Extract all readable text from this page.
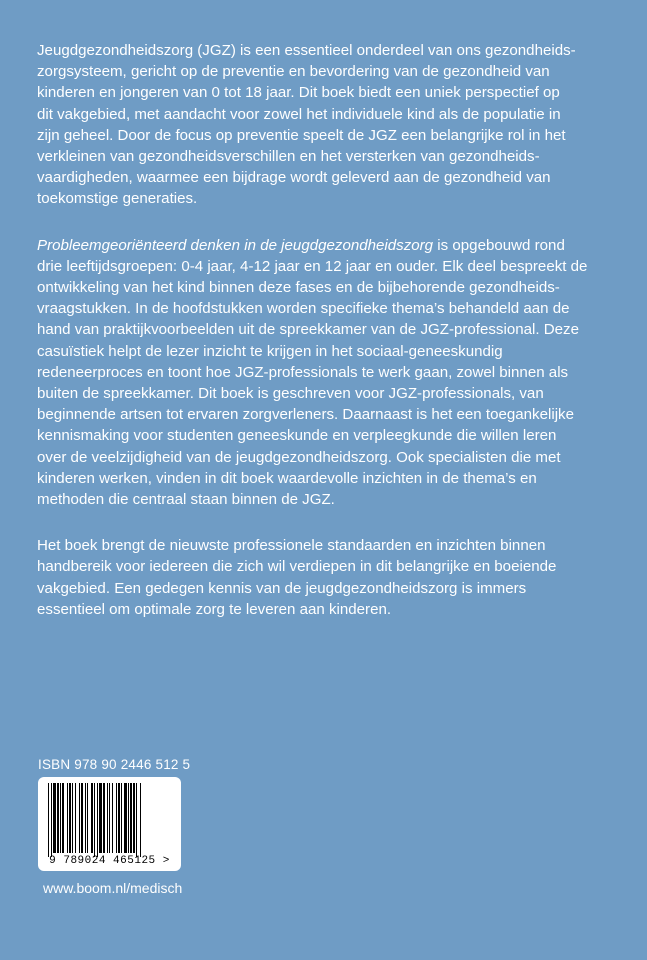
Jeugdgezondheidszorg (JGZ) is een essentieel onderdeel van ons gezondheids-
zorgsysteem, gericht op de preventie en bevordering van de gezondheid van
kinderen en jongeren van 0 tot 18 jaar. Dit boek biedt een uniek perspectief op
dit vakgebied, met aandacht voor zowel het individuele kind als de populatie in
zijn geheel. Door de focus op preventie speelt de JGZ een belangrijke rol in het
verkleinen van gezondheidsverschillen en het versterken van gezondheids-
vaardigheden, waarmee een bijdrage wordt geleverd aan de gezondheid van
toekomstige generaties.

Probleemgeoriënteerd denken in de jeugdgezondheidszorg is opgebouwd rond
drie leeftijdsgroepen: 0-4 jaar, 4-12 jaar en 12 jaar en ouder. Elk deel bespreekt de
ontwikkeling van het kind binnen deze fases en de bijbehorende gezondheids-
vraagstukken. In de hoofdstukken worden specifieke thema’s behandeld aan de
hand van praktijkvoorbeelden uit de spreekkamer van de JGZ-professional. Deze
casuïstiek helpt de lezer inzicht te krijgen in het sociaal-geneeskundig
redeneerproces en toont hoe JGZ-professionals te werk gaan, zowel binnen als
buiten de spreekkamer. Dit boek is geschreven voor JGZ-professionals, van
beginnende artsen tot ervaren zorgverleners. Daarnaast is het een toegankelijke
kennismaking voor studenten geneeskunde en verpleegkunde die willen leren
over de veelzijdigheid van de jeugdgezondheidszorg. Ook specialisten die met
kinderen werken, vinden in dit boek waardevolle inzichten in de thema’s en
methoden die centraal staan binnen de JGZ.

Het boek brengt de nieuwste professionele standaarden en inzichten binnen
handbereik voor iedereen die zich wil verdiepen in dit belangrijke en boeiende
vakgebied. Een gedegen kennis van de jeugdgezondheidszorg is immers
essentieel om optimale zorg te leveren aan kinderen.

ISBN 978 90 2446 512 5
9 789024 465125 >
www.boom.nl/medisch
